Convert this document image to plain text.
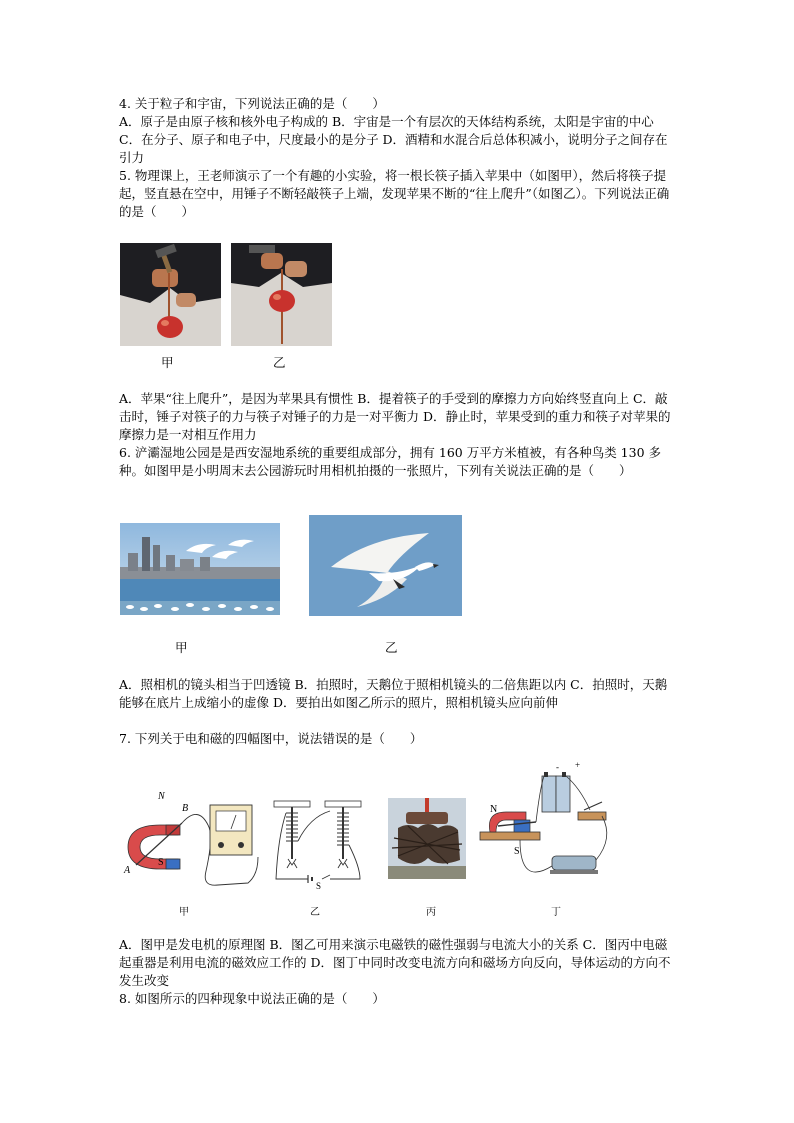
4. 关于粒子和宇宙，下列说法正确的是（　　）

A．原子是由原子核和核外电子构成的 B．宇宙是一个有层次的天体结构系统，太阳是宇宙的中心 C．在分子、原子和电子中，尺度最小的是分子 D．酒精和水混合后总体积减小，说明分子之间存在引力

5. 物理课上，王老师演示了一个有趣的小实验，将一根长筷子插入苹果中（如图甲），然后将筷子提起，竖直悬在空中，用锤子不断轻敲筷子上端，发现苹果不断的“往上爬升”（如图乙）。下列说法正确的是（　　）

甲	乙

A．苹果“往上爬升”，是因为苹果具有惯性 B．提着筷子的手受到的摩擦力方向始终竖直向上 C．敲击时，锤子对筷子的力与筷子对锤子的力是一对平衡力 D．静止时，苹果受到的重力和筷子对苹果的摩擦力是一对相互作用力

6. 浐灞湿地公园是是西安湿地系统的重要组成部分，拥有 160 万平方米植被，有各种鸟类 130 多种。如图甲是小明周末去公园游玩时用相机拍摄的一张照片，下列有关说法正确的是（　　）

甲	乙

A．照相机的镜头相当于凹透镜 B．拍照时，天鹅位于照相机镜头的二倍焦距以内 C．拍照时，天鹅能够在底片上成缩小的虚像 D．要拍出如图乙所示的照片，照相机镜头应向前伸

7. 下列关于电和磁的四幅图中，说法错误的是（　　）

N
B
S
A
S
- +
N
S
甲	乙	丙	丁

A．图甲是发电机的原理图 B．图乙可用来演示电磁铁的磁性强弱与电流大小的关系 C．图丙中电磁起重器是利用电流的磁效应工作的 D．图丁中同时改变电流方向和磁场方向反向，导体运动的方向不发生改变

8. 如图所示的四种现象中说法正确的是（　　）
